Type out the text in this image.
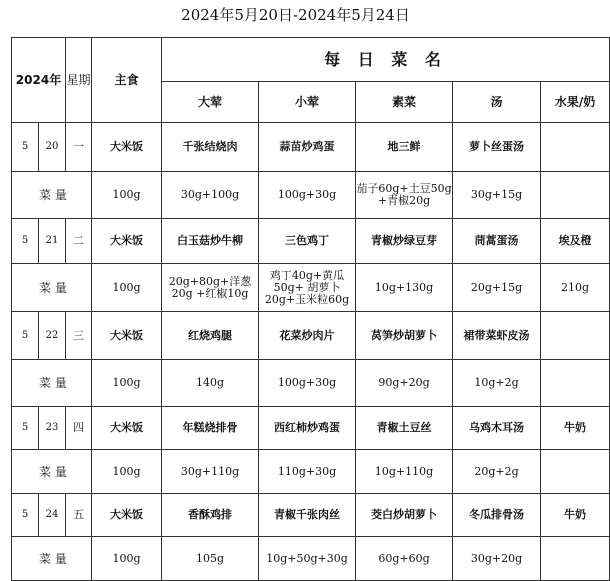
2024年5月20日-2024年5月24日
2024年		星期	主食	每 日 菜 名				
				大荤	小荤	素菜	汤	水果/奶
5	20	一	大米饭	千张结烧肉	蒜苗炒鸡蛋	地三鲜	萝卜丝蛋汤	
菜 量			100g	30g+100g	100g+30g	茄子60g+土豆50g +青椒20g	30g+15g	
5	21	二	大米饭	白玉菇炒牛柳	三色鸡丁	青椒炒绿豆芽	茼蒿蛋汤	埃及橙
菜 量			100g	20g+80g+洋葱20g +红椒10g	鸡丁40g+黄瓜50g+ 胡萝卜20g+玉米粒60g	10g+130g	20g+15g	210g
5	22	三	大米饭	红烧鸡腿	花菜炒肉片	莴笋炒胡萝卜	裙带菜虾皮汤	
菜 量			100g	140g	100g+30g	90g+20g	10g+2g	
5	23	四	大米饭	年糕烧排骨	西红柿炒鸡蛋	青椒土豆丝	乌鸡木耳汤	牛奶
菜 量			100g	30g+110g	110g+30g	10g+110g	20g+2g	
5	24	五	大米饭	香酥鸡排	青椒千张肉丝	茭白炒胡萝卜	冬瓜排骨汤	牛奶
菜 量			100g	105g	10g+50g+30g	60g+60g	30g+20g	
